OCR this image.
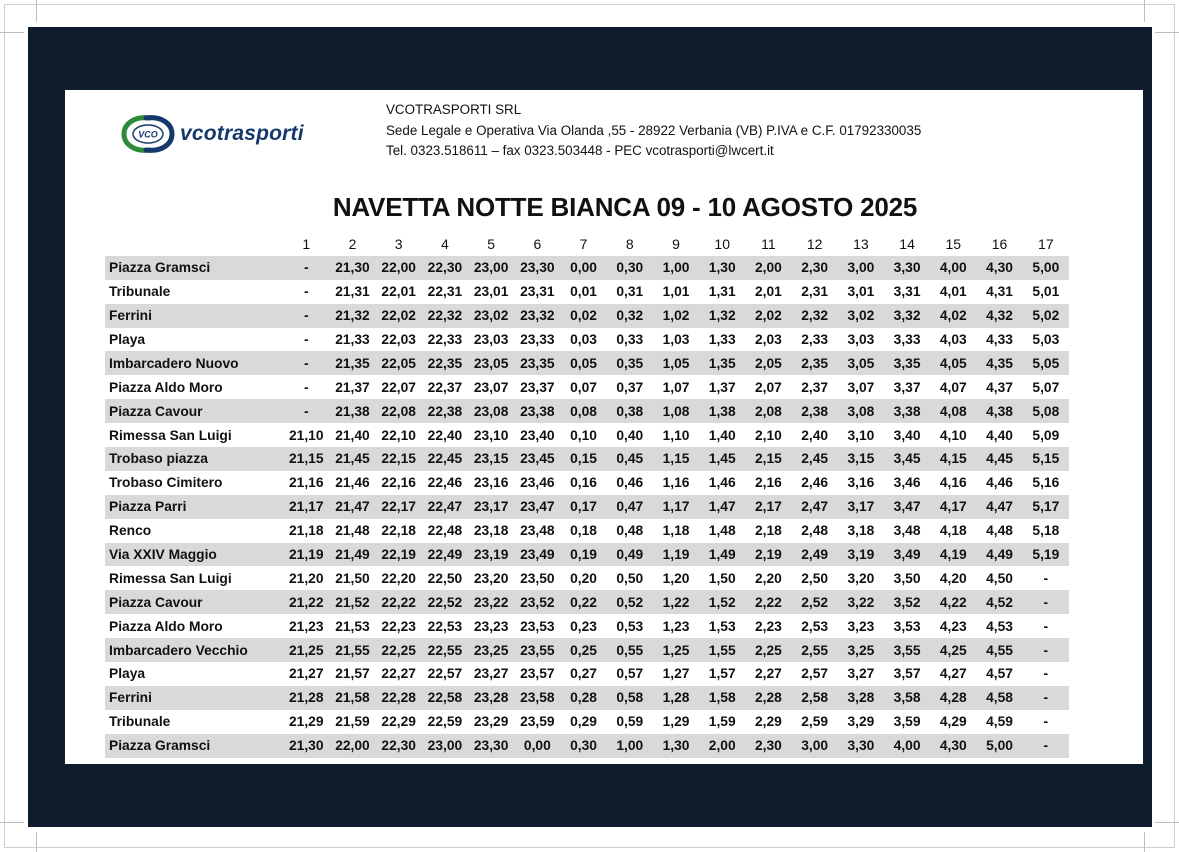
VCO vcotrasporti
VCOTRASPORTI SRL
Sede Legale e Operativa Via Olanda ,55 - 28922 Verbania (VB) P.IVA e C.F. 01792330035
Tel. 0323.518611 – fax 0323.503448 - PEC vcotrasporti@lwcert.it
NAVETTA NOTTE BIANCA 09 - 10 AGOSTO 2025
	1	2	3	4	5	6	7	8	9	10	11	12	13	14	15	16	17
Piazza Gramsci	-	21,30	22,00	22,30	23,00	23,30	0,00	0,30	1,00	1,30	2,00	2,30	3,00	3,30	4,00	4,30	5,00
Tribunale	-	21,31	22,01	22,31	23,01	23,31	0,01	0,31	1,01	1,31	2,01	2,31	3,01	3,31	4,01	4,31	5,01
Ferrini	-	21,32	22,02	22,32	23,02	23,32	0,02	0,32	1,02	1,32	2,02	2,32	3,02	3,32	4,02	4,32	5,02
Playa	-	21,33	22,03	22,33	23,03	23,33	0,03	0,33	1,03	1,33	2,03	2,33	3,03	3,33	4,03	4,33	5,03
Imbarcadero Nuovo	-	21,35	22,05	22,35	23,05	23,35	0,05	0,35	1,05	1,35	2,05	2,35	3,05	3,35	4,05	4,35	5,05
Piazza Aldo Moro	-	21,37	22,07	22,37	23,07	23,37	0,07	0,37	1,07	1,37	2,07	2,37	3,07	3,37	4,07	4,37	5,07
Piazza Cavour	-	21,38	22,08	22,38	23,08	23,38	0,08	0,38	1,08	1,38	2,08	2,38	3,08	3,38	4,08	4,38	5,08
Rimessa San Luigi	21,10	21,40	22,10	22,40	23,10	23,40	0,10	0,40	1,10	1,40	2,10	2,40	3,10	3,40	4,10	4,40	5,09
Trobaso piazza	21,15	21,45	22,15	22,45	23,15	23,45	0,15	0,45	1,15	1,45	2,15	2,45	3,15	3,45	4,15	4,45	5,15
Trobaso Cimitero	21,16	21,46	22,16	22,46	23,16	23,46	0,16	0,46	1,16	1,46	2,16	2,46	3,16	3,46	4,16	4,46	5,16
Piazza Parri	21,17	21,47	22,17	22,47	23,17	23,47	0,17	0,47	1,17	1,47	2,17	2,47	3,17	3,47	4,17	4,47	5,17
Renco	21,18	21,48	22,18	22,48	23,18	23,48	0,18	0,48	1,18	1,48	2,18	2,48	3,18	3,48	4,18	4,48	5,18
Via XXIV Maggio	21,19	21,49	22,19	22,49	23,19	23,49	0,19	0,49	1,19	1,49	2,19	2,49	3,19	3,49	4,19	4,49	5,19
Rimessa San Luigi	21,20	21,50	22,20	22,50	23,20	23,50	0,20	0,50	1,20	1,50	2,20	2,50	3,20	3,50	4,20	4,50	-
Piazza Cavour	21,22	21,52	22,22	22,52	23,22	23,52	0,22	0,52	1,22	1,52	2,22	2,52	3,22	3,52	4,22	4,52	-
Piazza Aldo Moro	21,23	21,53	22,23	22,53	23,23	23,53	0,23	0,53	1,23	1,53	2,23	2,53	3,23	3,53	4,23	4,53	-
Imbarcadero Vecchio	21,25	21,55	22,25	22,55	23,25	23,55	0,25	0,55	1,25	1,55	2,25	2,55	3,25	3,55	4,25	4,55	-
Playa	21,27	21,57	22,27	22,57	23,27	23,57	0,27	0,57	1,27	1,57	2,27	2,57	3,27	3,57	4,27	4,57	-
Ferrini	21,28	21,58	22,28	22,58	23,28	23,58	0,28	0,58	1,28	1,58	2,28	2,58	3,28	3,58	4,28	4,58	-
Tribunale	21,29	21,59	22,29	22,59	23,29	23,59	0,29	0,59	1,29	1,59	2,29	2,59	3,29	3,59	4,29	4,59	-
Piazza Gramsci	21,30	22,00	22,30	23,00	23,30	0,00	0,30	1,00	1,30	2,00	2,30	3,00	3,30	4,00	4,30	5,00	-
